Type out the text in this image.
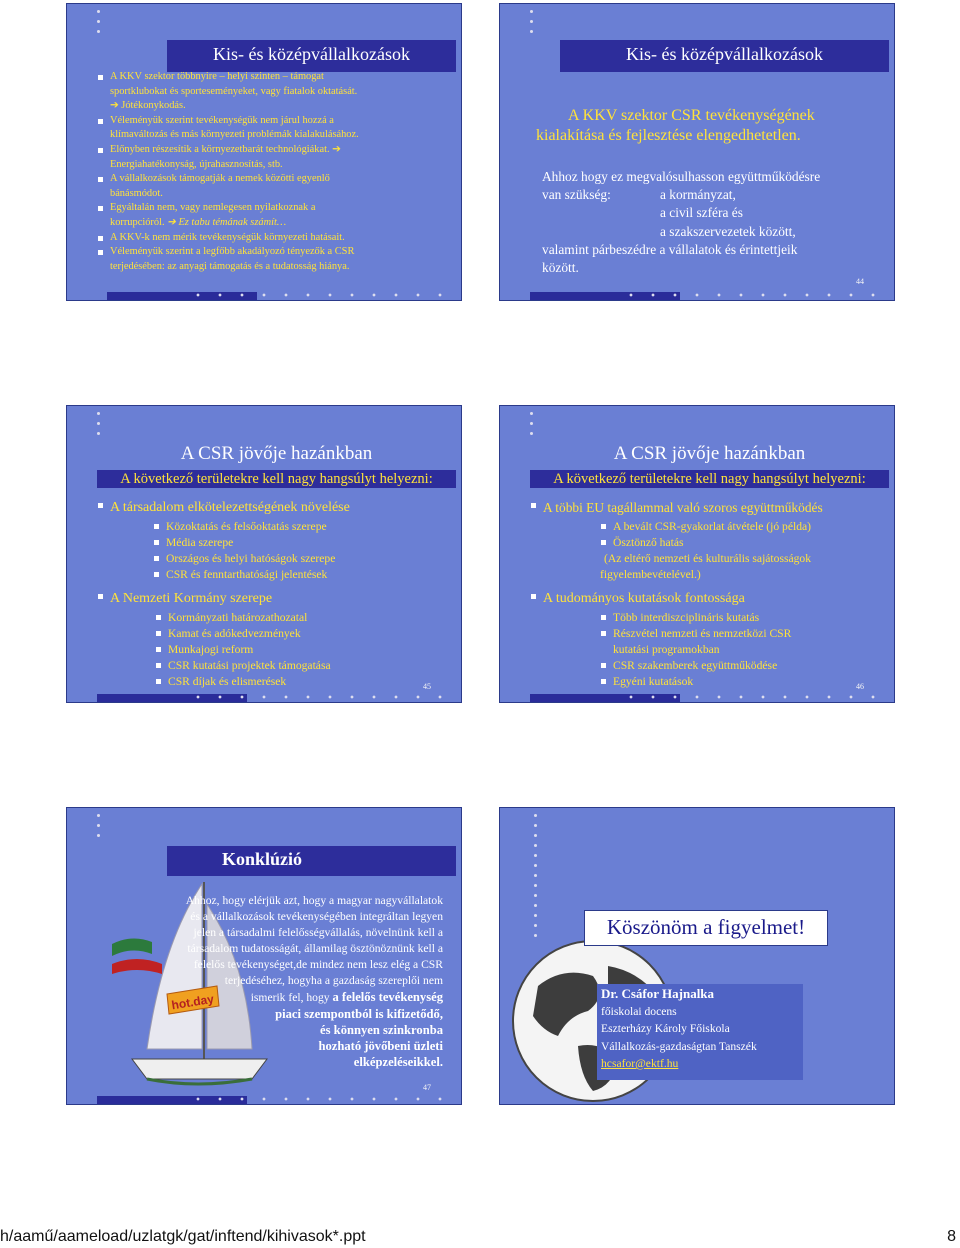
Kis- és középvállalkozások
A KKV szektor többnyire – helyi szinten – támogat
sportklubokat és sporteseményeket, vagy fiatalok oktatását.
➔ Jótékonykodás.
Véleményük szerint tevékenységük nem járul hozzá a
klímaváltozás és más környezeti problémák kialakulásához.
Előnyben részesítik a környezetbarát technológiákat. ➔
Energiahatékonyság, újrahasznosítás, stb.
A vállalkozások támogatják a nemek közötti egyenlő
bánásmódot.
Egyáltalán nem, vagy nemlegesen nyilatkoznak a
korrupcióról. ➔ Ez tabu témának számít…
A KKV-k nem mérik tevékenységük környezeti hatásait.
Véleményük szerint a legfőbb akadályozó tényezők a CSR
terjedésében: az anyagi támogatás és a tudatosság hiánya.
Kis- és középvállalkozások
A KKV szektor CSR tevékenységének
kialakítása és fejlesztése elengedhetetlen.
Ahhoz hogy ez megvalósulhasson együttműködésre
van szükség:	a kormányzat,
a civil szféra és
a szakszervezetek között,
valamint párbeszédre a vállalatok és érintettjeik
között.
44
A CSR jövője hazánkban
A következő területekre kell nagy hangsúlyt helyezni:
A társadalom elkötelezettségének növelése
Közoktatás és felsőoktatás szerepe
Média szerepe
Országos és helyi hatóságok szerepe
CSR és fenntarthatósági jelentések
A Nemzeti Kormány szerepe
Kormányzati határozathozatal
Kamat és adókedvezmények
Munkajogi reform
CSR kutatási projektek támogatása
CSR díjak és elismerések	45
A CSR jövője hazánkban
A következő területekre kell nagy hangsúlyt helyezni:
A többi EU tagállammal való szoros együttműködés
A bevált CSR-gyakorlat átvétele (jó példa)
Ösztönző hatás
(Az eltérő nemzeti és kulturális sajátosságok
figyelembevételével.)
A tudományos kutatások fontossága
Több interdiszciplináris kutatás
Részvétel nemzeti és nemzetközi CSR
kutatási programokban
CSR szakemberek együttműködése
Egyéni kutatások	46
Konklúzió
hot.day
Ahhoz, hogy elérjük azt, hogy a magyar nagyvállalatok
és a vállalkozások tevékenységében integráltan legyen
jelen a társadalmi felelősségvállalás, növelnünk kell a
társadalom tudatosságát, államilag ösztönöznünk kell a
felelős tevékenységet,de mindez nem lesz elég a CSR
terjedéséhez, hogyha a gazdaság szereplői nem
ismerik fel, hogy a felelős tevékenység
piaci szempontból is kifizetődő,
és könnyen szinkronba
hozható jövőbeni üzleti
elképzeléseikkel.
47
Köszönöm a figyelmet!
Dr. Csáfor Hajnalka
főiskolai docens
Eszterházy Károly Főiskola
Vállalkozás-gazdaságtan Tanszék
hcsafor@ektf.hu
h/aamű/aameload/uzlatgk/gat/inftend/kihivasok*.ppt	8
